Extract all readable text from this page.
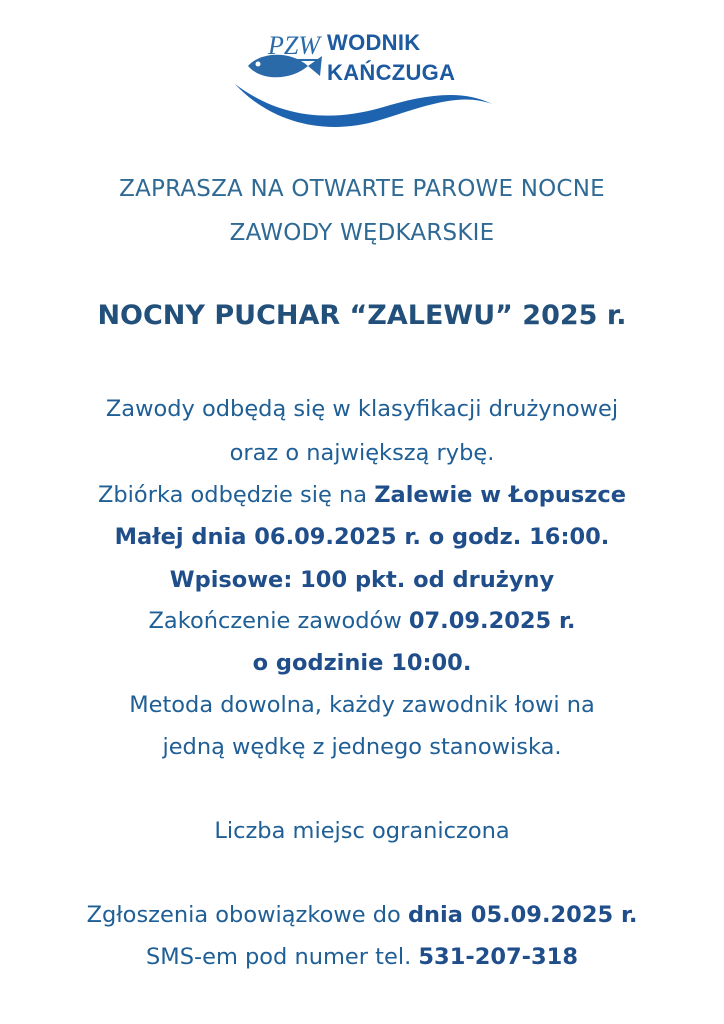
PZW WODNIK
KAŃCZUGA
ZAPRASZA NA OTWARTE PAROWE NOCNE
ZAWODY WĘDKARSKIE
NOCNY PUCHAR “ZALEWU” 2025 r.
Zawody odbędą się w klasyfikacji drużynowej
oraz o największą rybę.
Zbiórka odbędzie się na Zalewie w Łopuszce
Małej dnia 06.09.2025 r. o godz. 16:00.
Wpisowe: 100 pkt. od drużyny
Zakończenie zawodów 07.09.2025 r.
o godzinie 10:00.
Metoda dowolna, każdy zawodnik łowi na
jedną wędkę z jednego stanowiska.
Liczba miejsc ograniczona
Zgłoszenia obowiązkowe do dnia 05.09.2025 r.
SMS-em pod numer tel. 531-207-318
